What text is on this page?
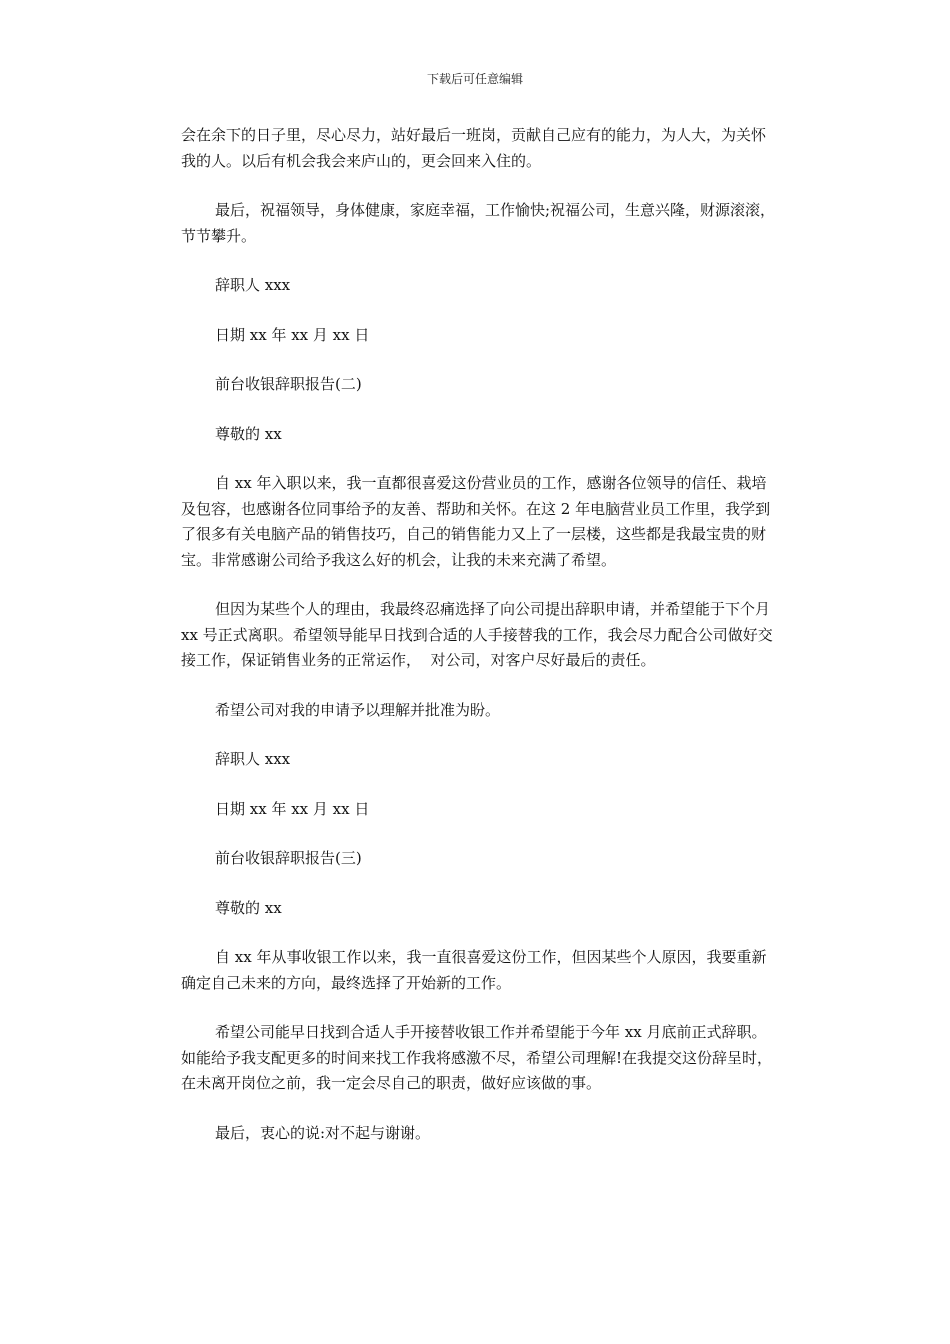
下载后可任意编辑

会在余下的日子里，尽心尽力，站好最后一班岗，贡献自己应有的能力，为人大，为关怀我的人。以后有机会我会来庐山的，更会回来入住的。

最后，祝福领导，身体健康，家庭幸福，工作愉快;祝福公司，生意兴隆，财源滚滚，节节攀升。

辞职人 xxx

日期 xx 年 xx 月 xx 日

前台收银辞职报告(二)

尊敬的 xx

自 xx 年入职以来，我一直都很喜爱这份营业员的工作，感谢各位领导的信任、栽培及包容，也感谢各位同事给予的友善、帮助和关怀。在这 2 年电脑营业员工作里，我学到了很多有关电脑产品的销售技巧，自己的销售能力又上了一层楼，这些都是我最宝贵的财宝。非常感谢公司给予我这么好的机会，让我的未来充满了希望。

但因为某些个人的理由，我最终忍痛选择了向公司提出辞职申请，并希望能于下个月 xx 号正式离职。希望领导能早日找到合适的人手接替我的工作，我会尽力配合公司做好交接工作，保证销售业务的正常运作，  对公司，对客户尽好最后的责任。

希望公司对我的申请予以理解并批准为盼。

辞职人 xxx

日期 xx 年 xx 月 xx 日

前台收银辞职报告(三)

尊敬的 xx

自 xx 年从事收银工作以来，我一直很喜爱这份工作，但因某些个人原因，我要重新确定自己未来的方向，最终选择了开始新的工作。

希望公司能早日找到合适人手开接替收银工作并希望能于今年 xx 月底前正式辞职。如能给予我支配更多的时间来找工作我将感激不尽，希望公司理解!在我提交这份辞呈时，在未离开岗位之前，我一定会尽自己的职责，做好应该做的事。

最后，衷心的说:对不起与谢谢。
